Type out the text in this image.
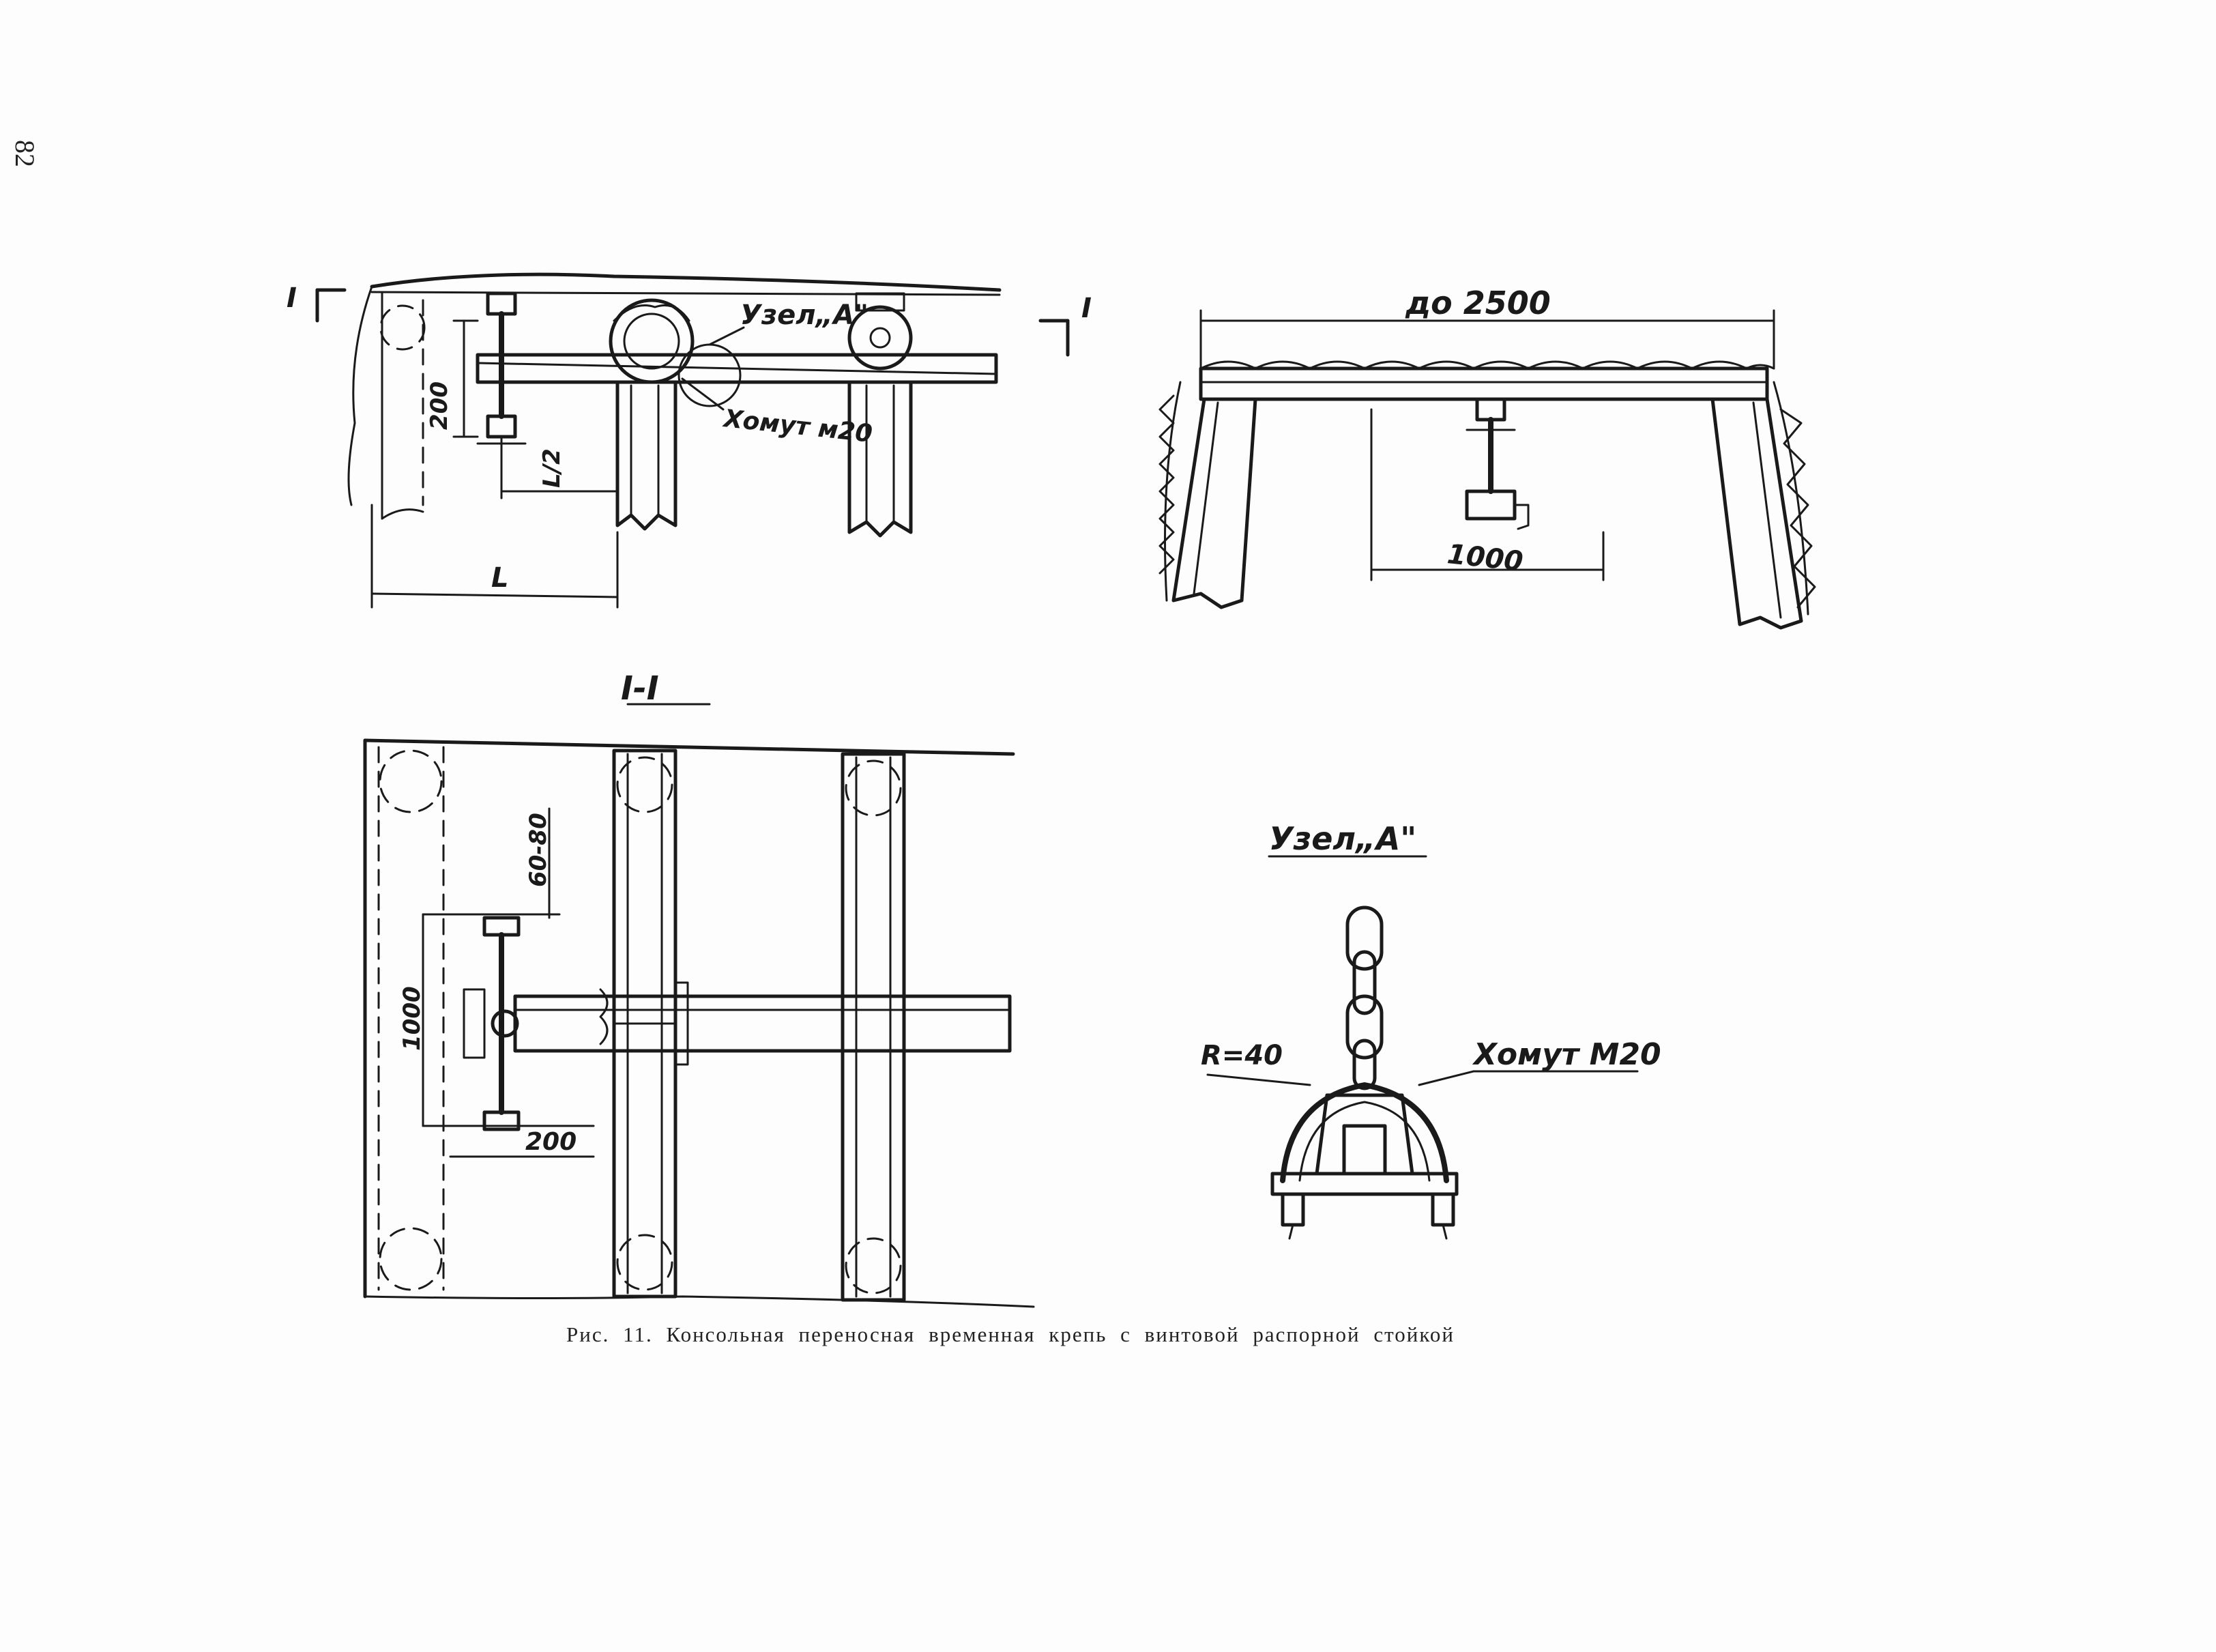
82
I	I
Узел„А"
Хомут м20
200
L/2
L
до 2500
1000
I-I
60-80
1000
200
Узел„А"
R=40	Хомут М20
Рис. 11. Консольная переносная временная крепь с винтовой распорной стойкой
